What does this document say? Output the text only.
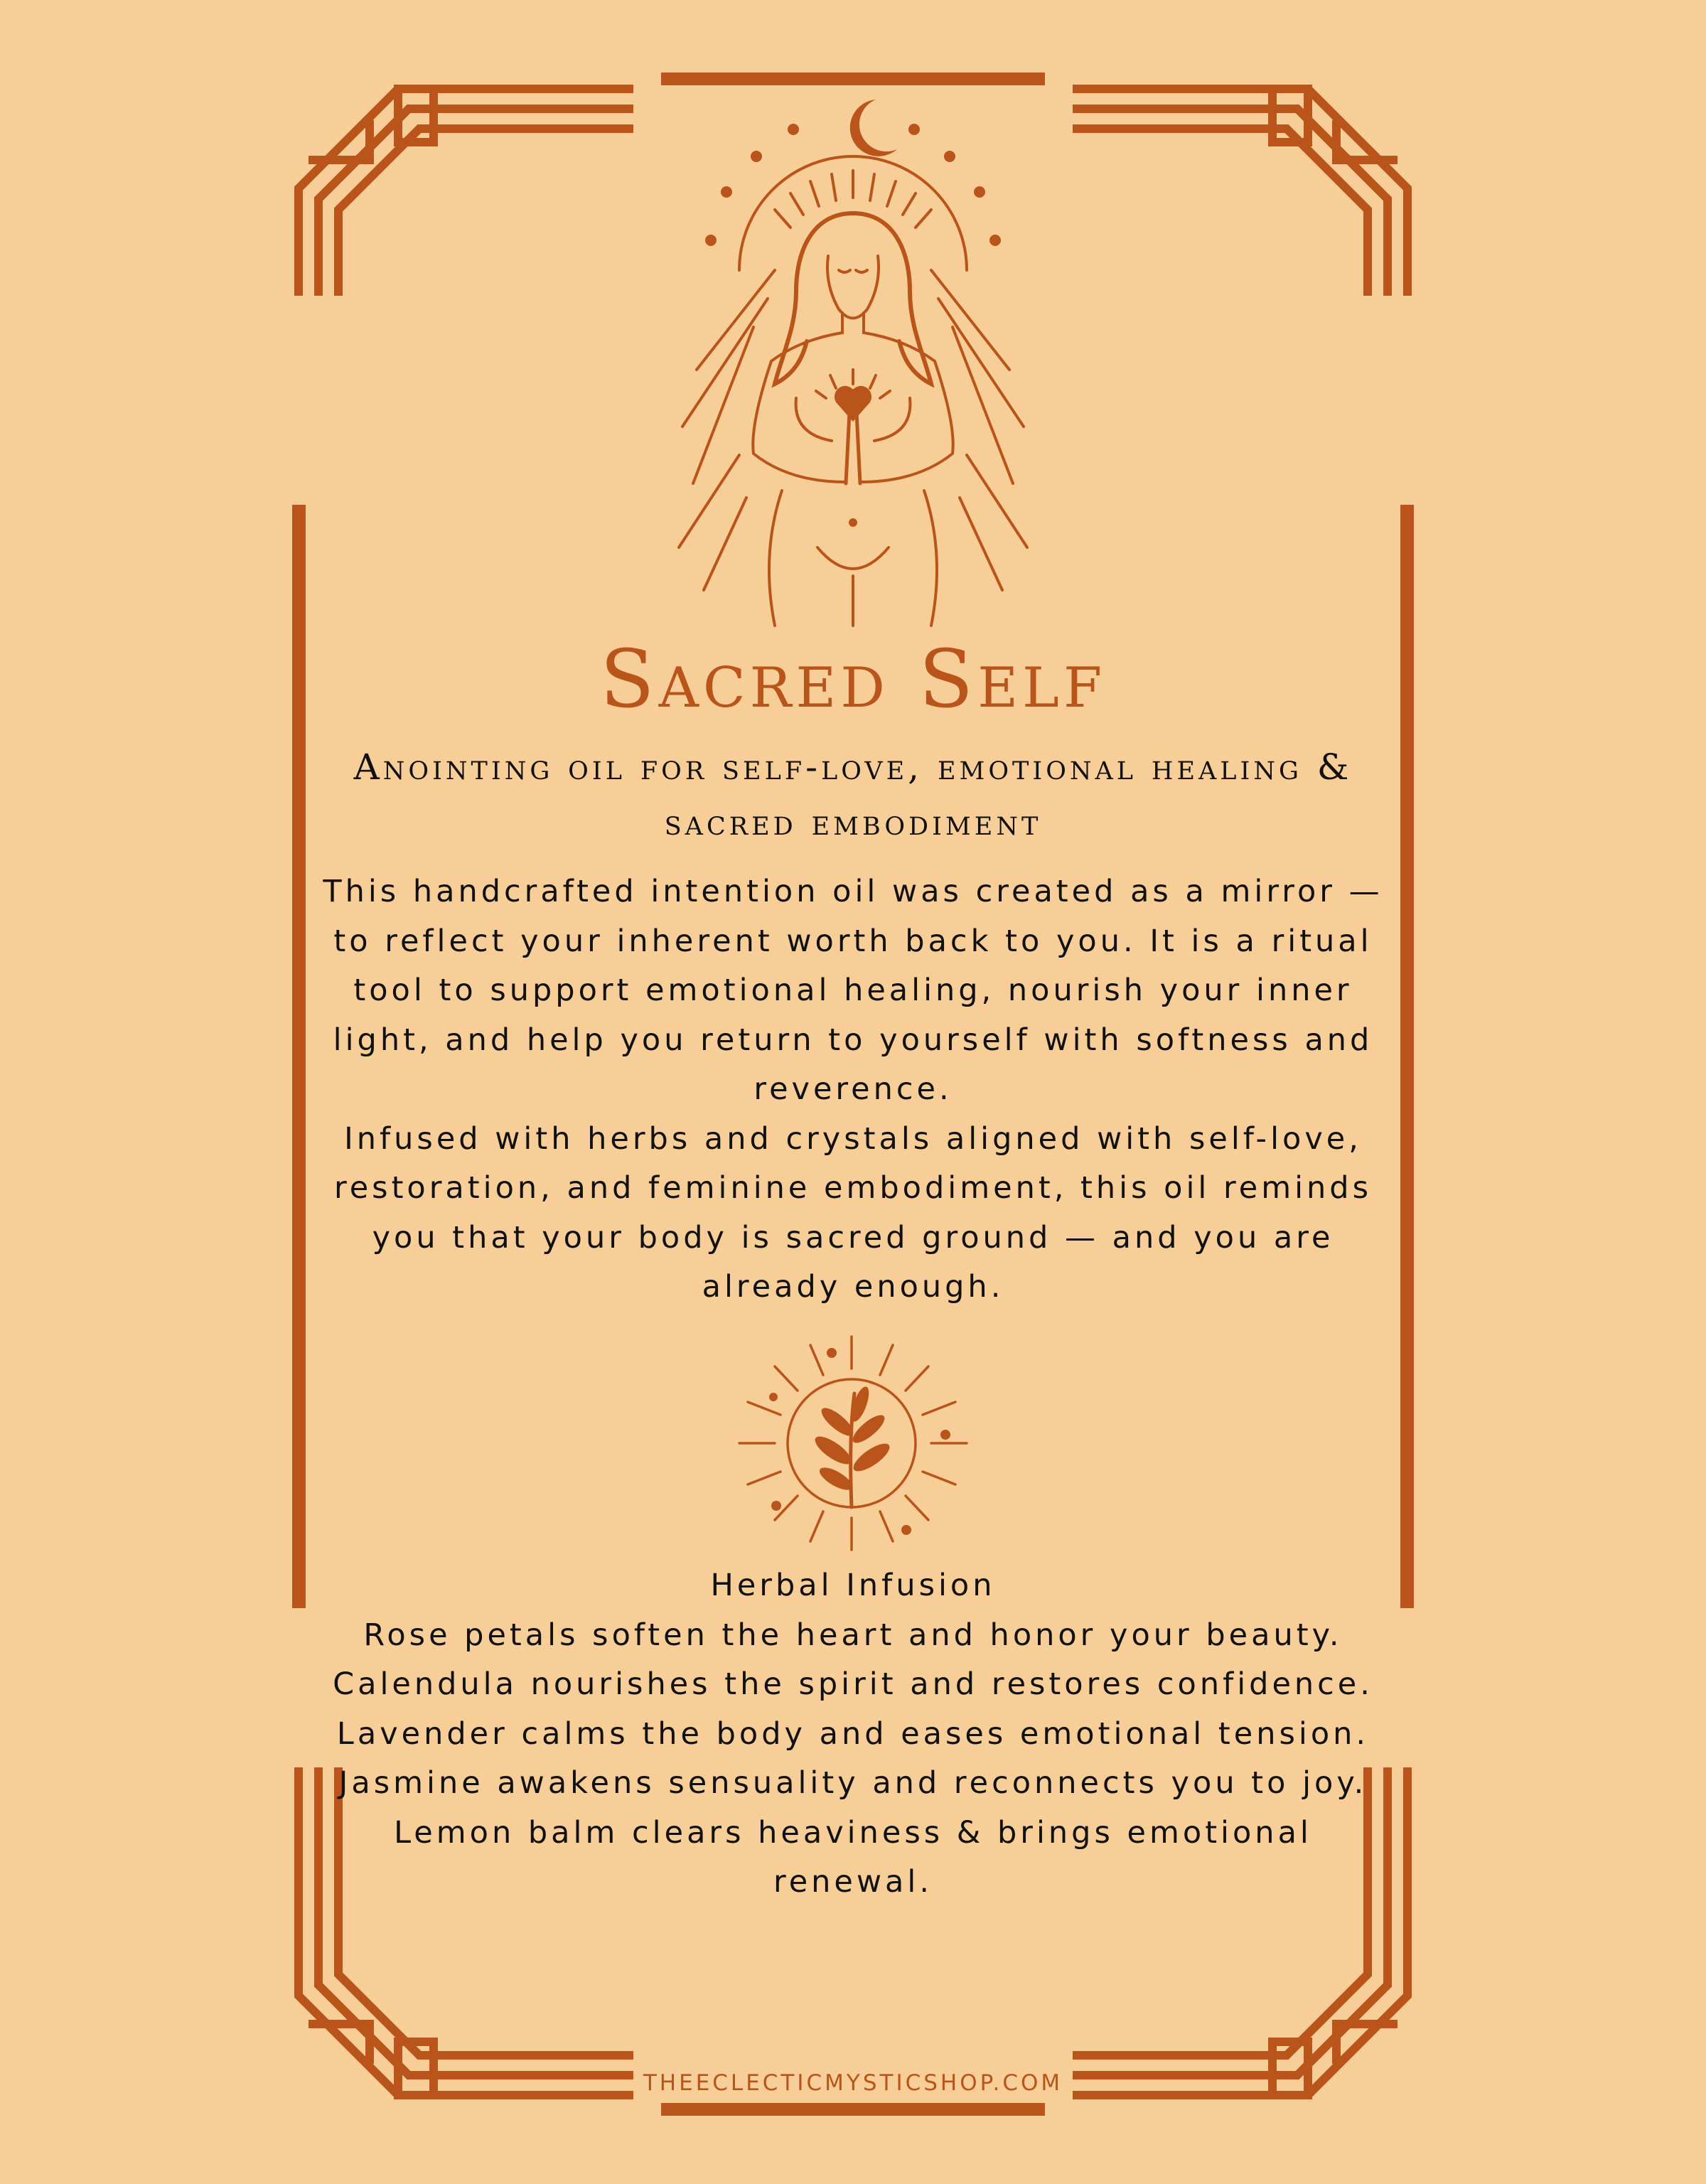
Sacred Self
Anointing oil for self-love, emotional healing & sacred embodiment

This handcrafted intention oil was created as a mirror — to reflect your inherent worth back to you. It is a ritual tool to support emotional healing, nourish your inner light, and help you return to yourself with softness and reverence.

Infused with herbs and crystals aligned with self-love, restoration, and feminine embodiment, this oil reminds you that your body is sacred ground — and you are already enough.

Herbal Infusion

Rose petals soften the heart and honor your beauty.

Calendula nourishes the spirit and restores confidence.

Lavender calms the body and eases emotional tension.

Jasmine awakens sensuality and reconnects you to joy.

Lemon balm clears heaviness & brings emotional renewal.

THEECLECTICMYSTICSHOP.COM
